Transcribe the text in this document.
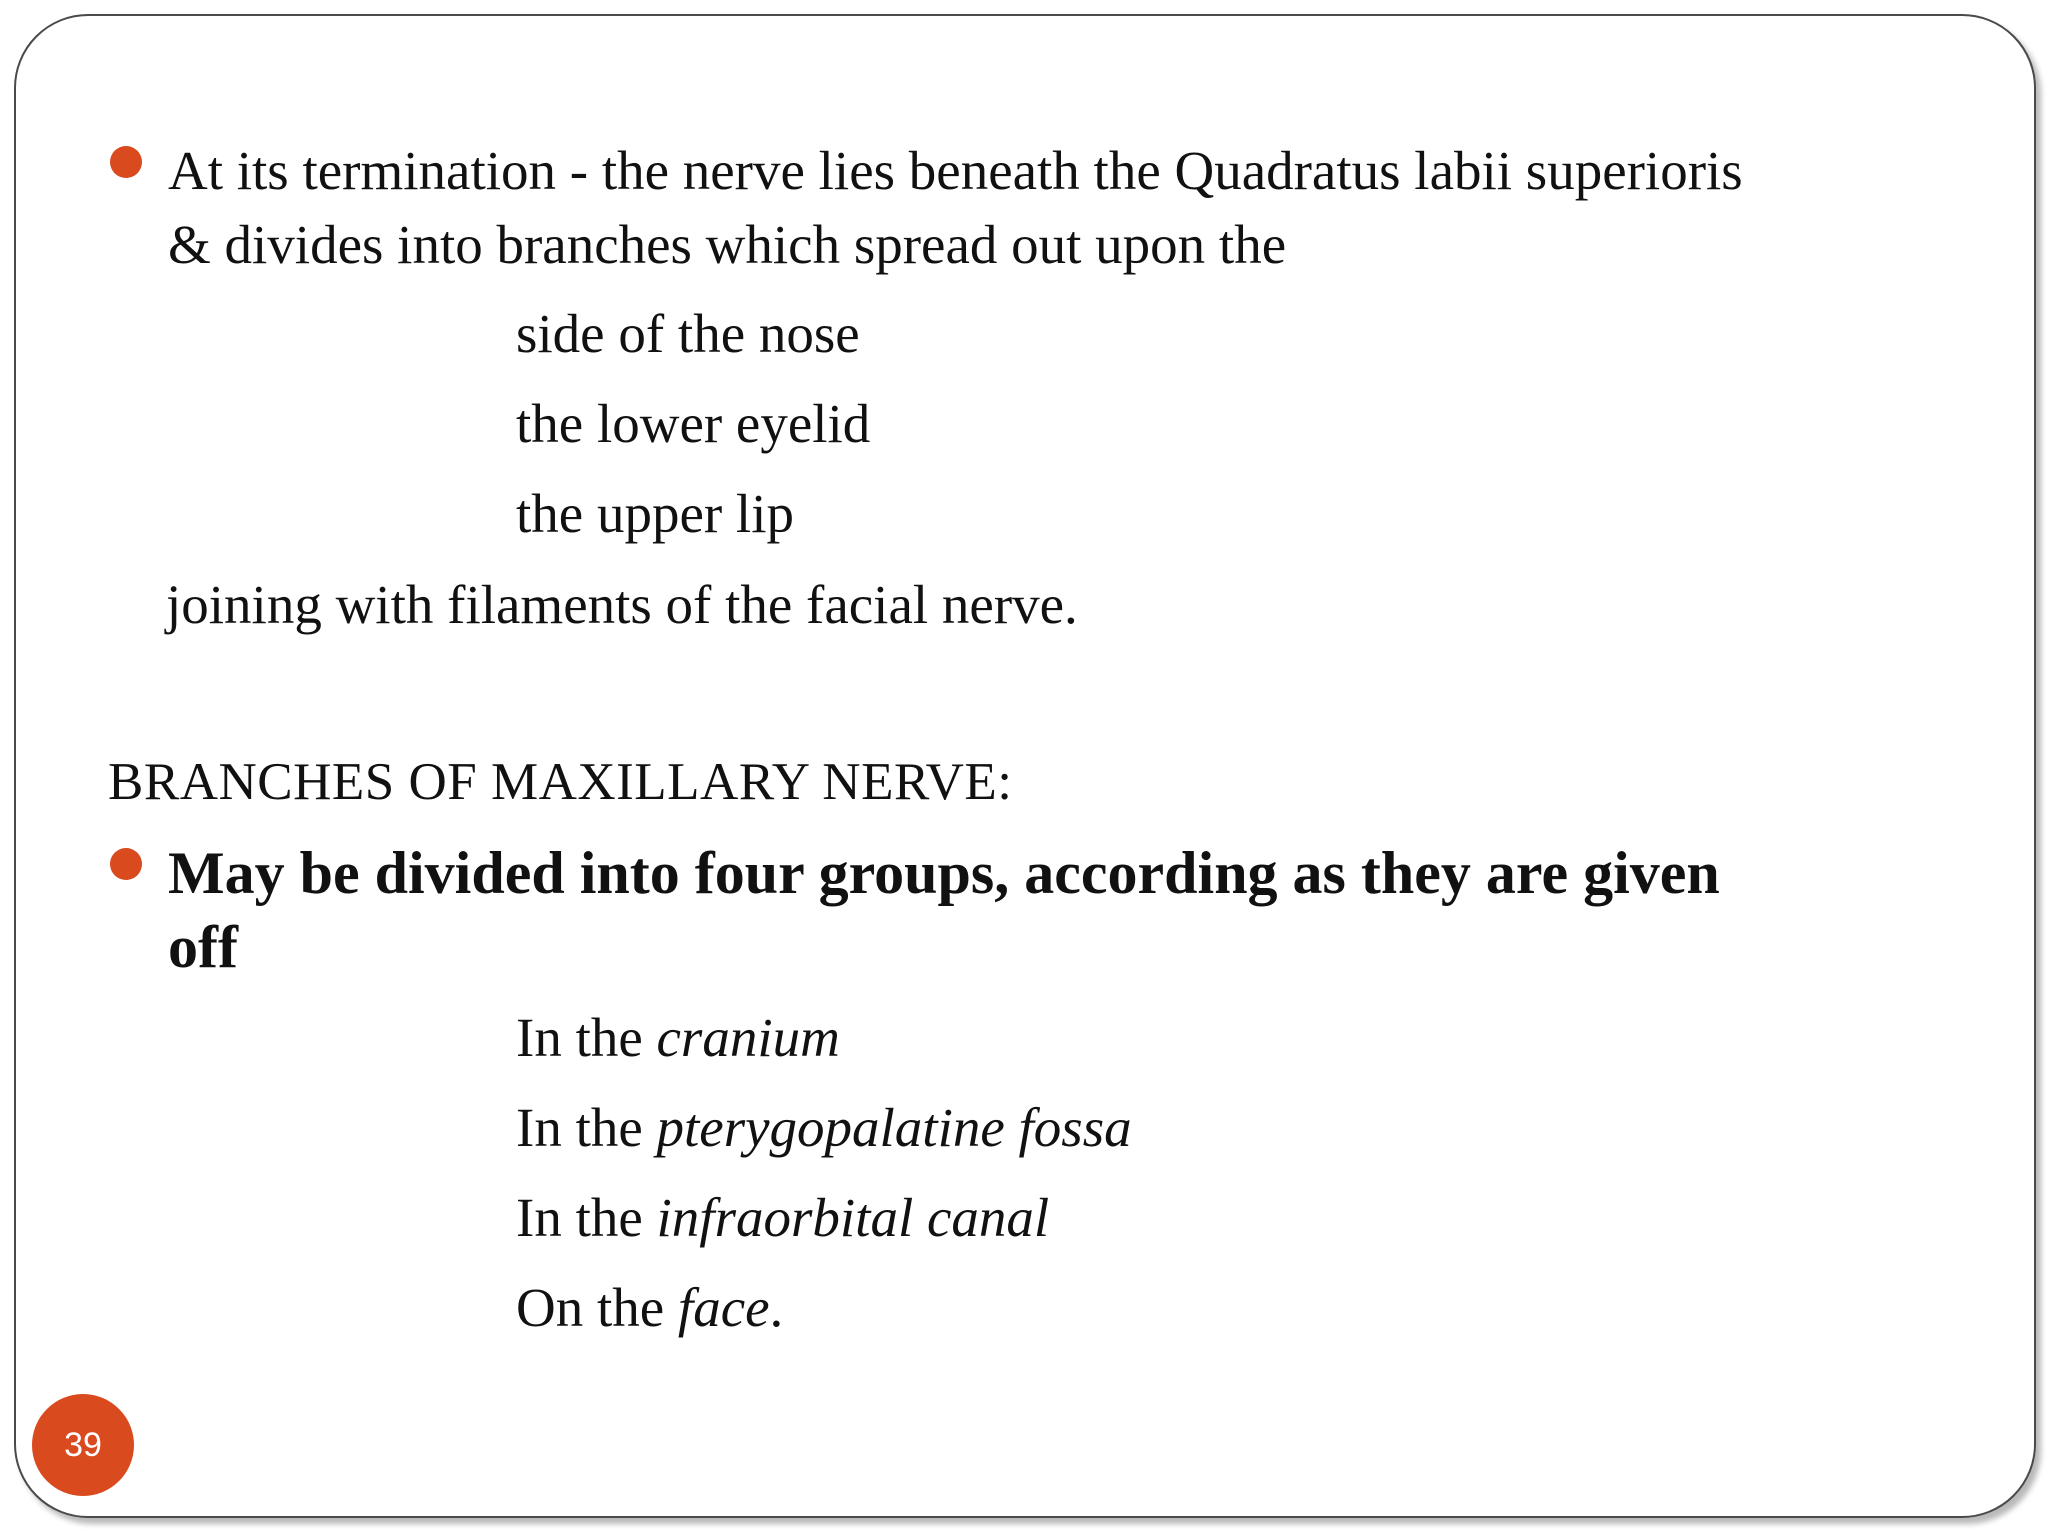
At its termination - the nerve lies beneath the Quadratus labii superioris
& divides into branches which spread out upon the
side of the nose
the lower eyelid
the upper lip
joining with filaments of the facial nerve.
BRANCHES OF MAXILLARY NERVE:
May be divided into four groups, according as they are given
off
In the cranium
In the pterygopalatine fossa
In the infraorbital canal
On the face.
39
